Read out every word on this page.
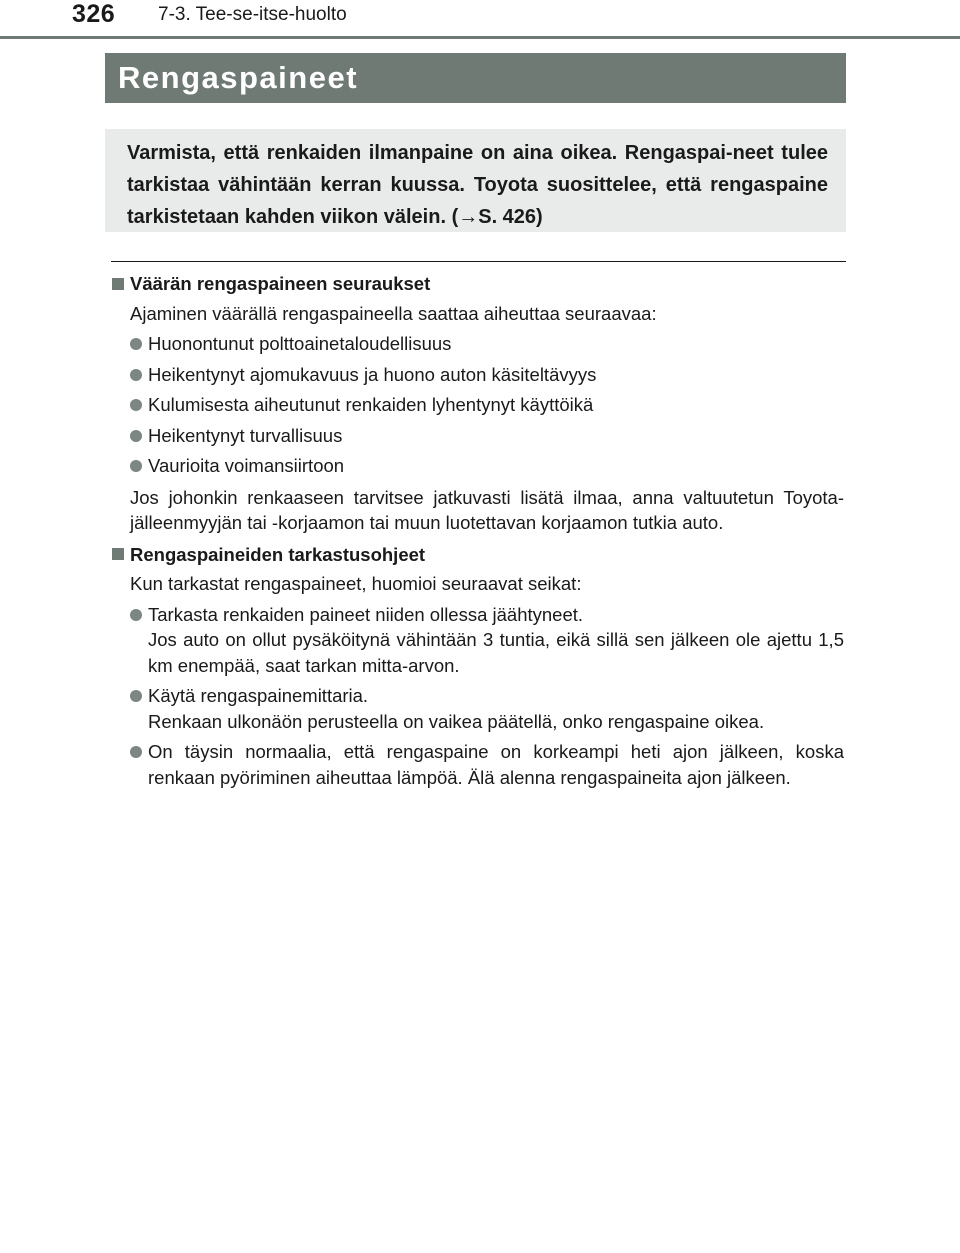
326 7-3. Tee-se-itse-huolto
Rengaspaineet

Varmista, että renkaiden ilmanpaine on aina oikea. Rengaspai-neet tulee tarkistaa vähintään kerran kuussa. Toyota suosittelee, että rengaspaine tarkistetaan kahden viikon välein. (→S. 426)

Väärän rengaspaineen seuraukset
Ajaminen väärällä rengaspaineella saattaa aiheuttaa seuraavaa:
Huonontunut polttoainetaloudellisuus
Heikentynyt ajomukavuus ja huono auton käsiteltävyys
Kulumisesta aiheutunut renkaiden lyhentynyt käyttöikä
Heikentynyt turvallisuus
Vaurioita voimansiirtoon
Jos johonkin renkaaseen tarvitsee jatkuvasti lisätä ilmaa, anna valtuutetun Toyota-jälleenmyyjän tai -korjaamon tai muun luotettavan korjaamon tutkia auto.
Rengaspaineiden tarkastusohjeet
Kun tarkastat rengaspaineet, huomioi seuraavat seikat:
Tarkasta renkaiden paineet niiden ollessa jäähtyneet.
Jos auto on ollut pysäköitynä vähintään 3 tuntia, eikä sillä sen jälkeen ole ajettu 1,5 km enempää, saat tarkan mitta-arvon.
Käytä rengaspainemittaria.
Renkaan ulkonäön perusteella on vaikea päätellä, onko rengaspaine oikea.
On täysin normaalia, että rengaspaine on korkeampi heti ajon jälkeen, koska renkaan pyöriminen aiheuttaa lämpöä. Älä alenna rengaspaineita ajon jälkeen.
